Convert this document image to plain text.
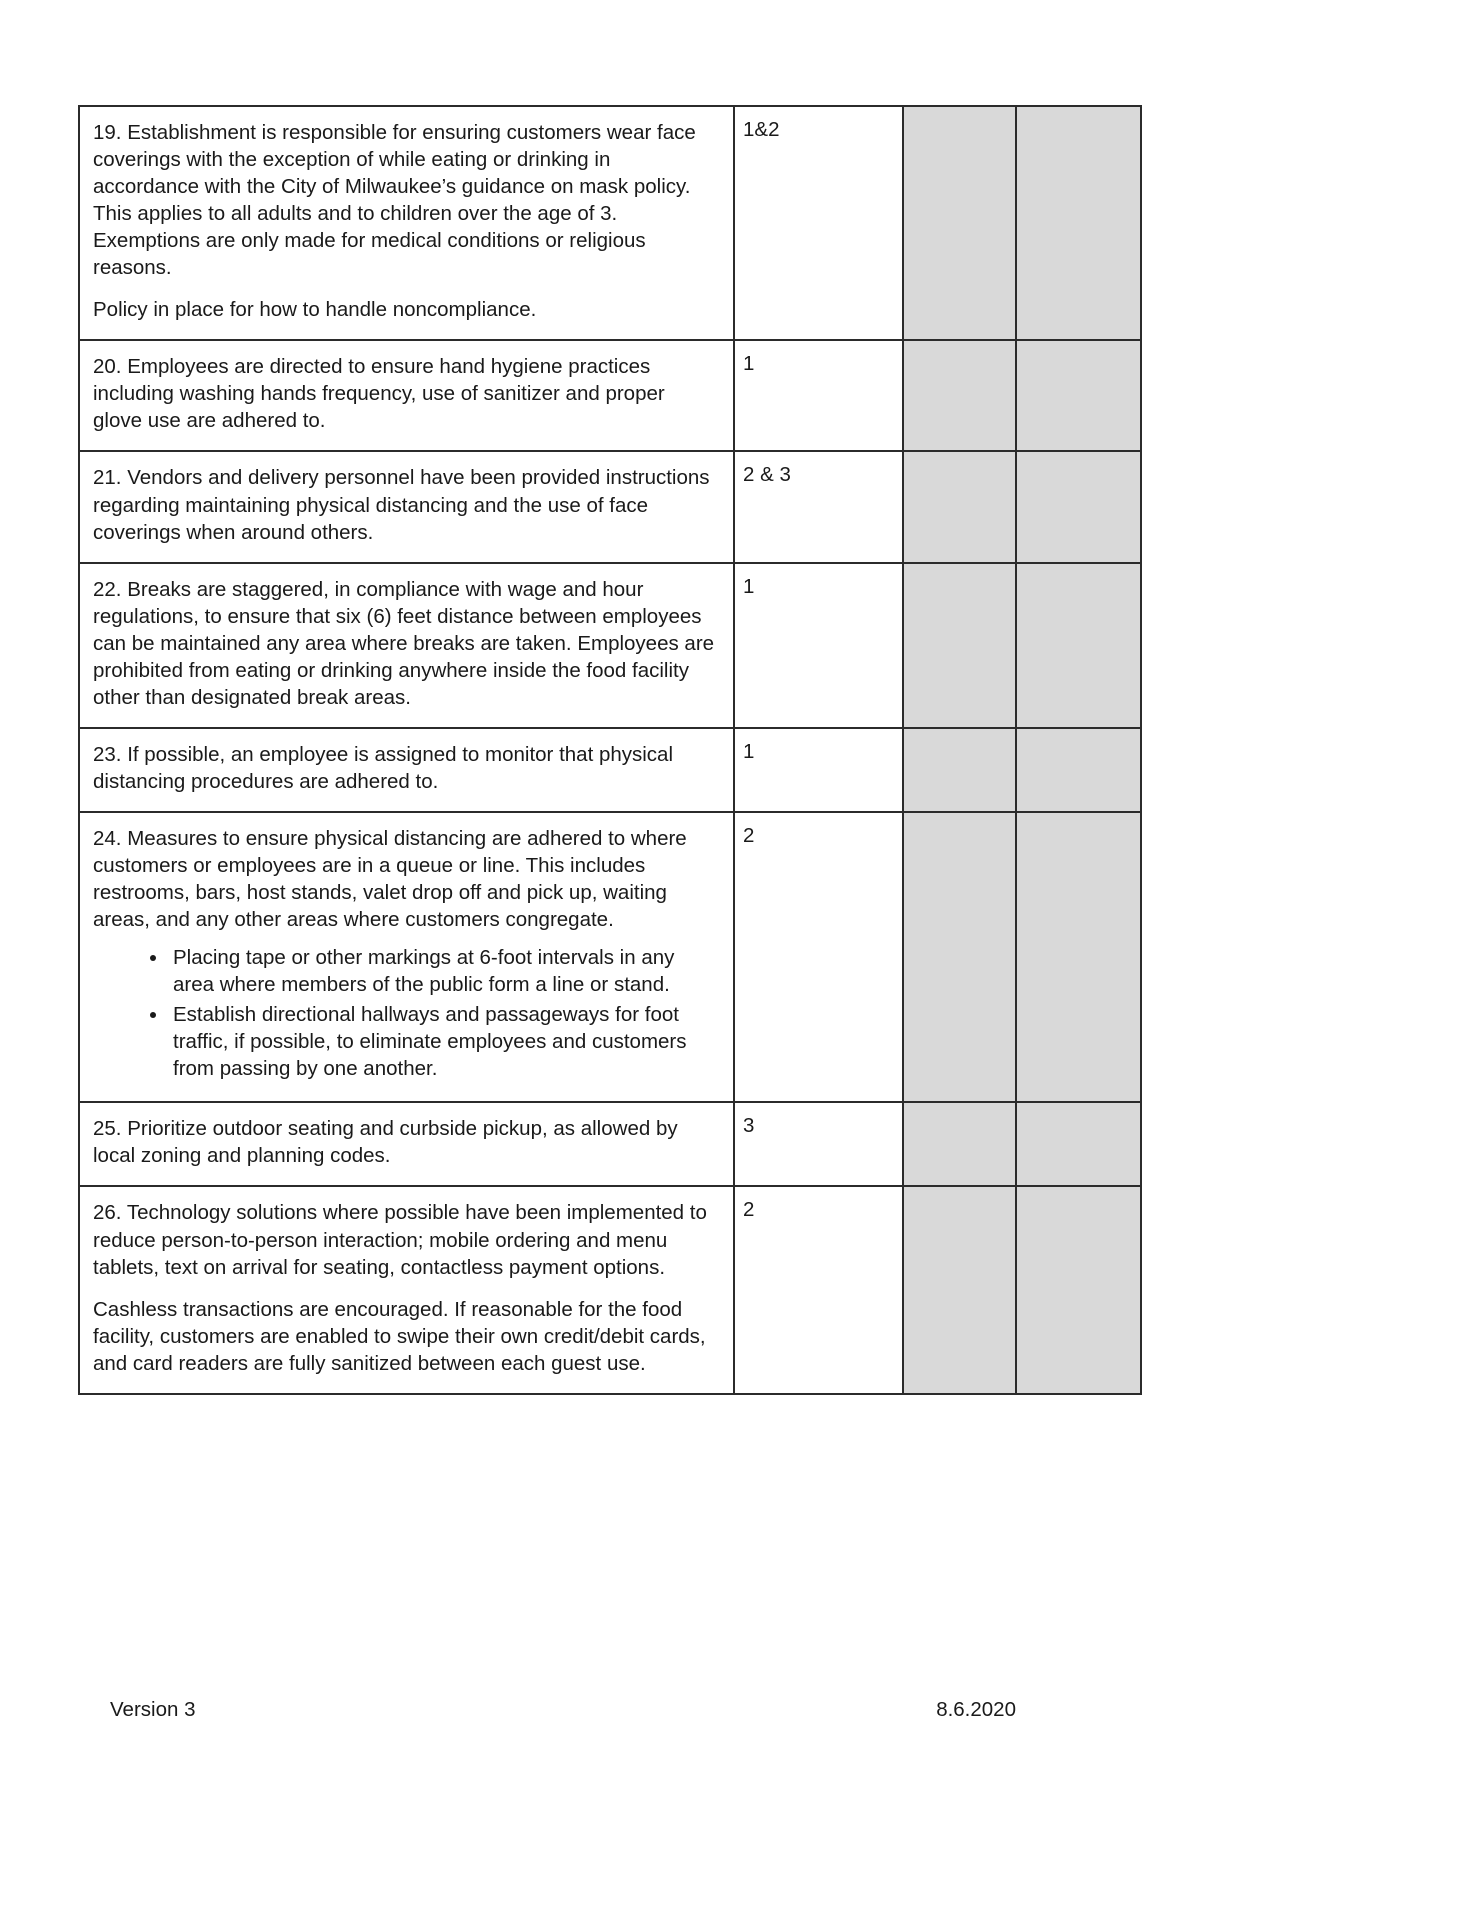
19. Establishment is responsible for ensuring customers wear face coverings with the exception of while eating or drinking in accordance with the City of Milwaukee’s guidance on mask policy. This applies to all adults and to children over the age of 3. Exemptions are only made for medical conditions or religious reasons.

Policy in place for how to handle noncompliance.	1&2		

20. Employees are directed to ensure hand hygiene practices including washing hands frequency, use of sanitizer and proper glove use are adhered to.	1		

21. Vendors and delivery personnel have been provided instructions regarding maintaining physical distancing and the use of face coverings when around others.	2 & 3		

22. Breaks are staggered, in compliance with wage and hour regulations, to ensure that six (6) feet distance between employees can be maintained any area where breaks are taken. Employees are prohibited from eating or drinking anywhere inside the food facility other than designated break areas.	1		

23. If possible, an employee is assigned to monitor that physical distancing procedures are adhered to.	1		

24. Measures to ensure physical distancing are adhered to where customers or employees are in a queue or line. This includes restrooms, bars, host stands, valet drop off and pick up, waiting areas, and any other areas where customers congregate.

• Placing tape or other markings at 6-foot intervals in any area where members of the public form a line or stand.
• Establish directional hallways and passageways for foot traffic, if possible, to eliminate employees and customers from passing by one another.
	2		

25. Prioritize outdoor seating and curbside pickup, as allowed by local zoning and planning codes.	3		

26. Technology solutions where possible have been implemented to reduce person-to-person interaction; mobile ordering and menu tablets, text on arrival for seating, contactless payment options.

Cashless transactions are encouraged. If reasonable for the food facility, customers are enabled to swipe their own credit/debit cards, and card readers are fully sanitized between each guest use.	2		
Version 3	8.6.2020
